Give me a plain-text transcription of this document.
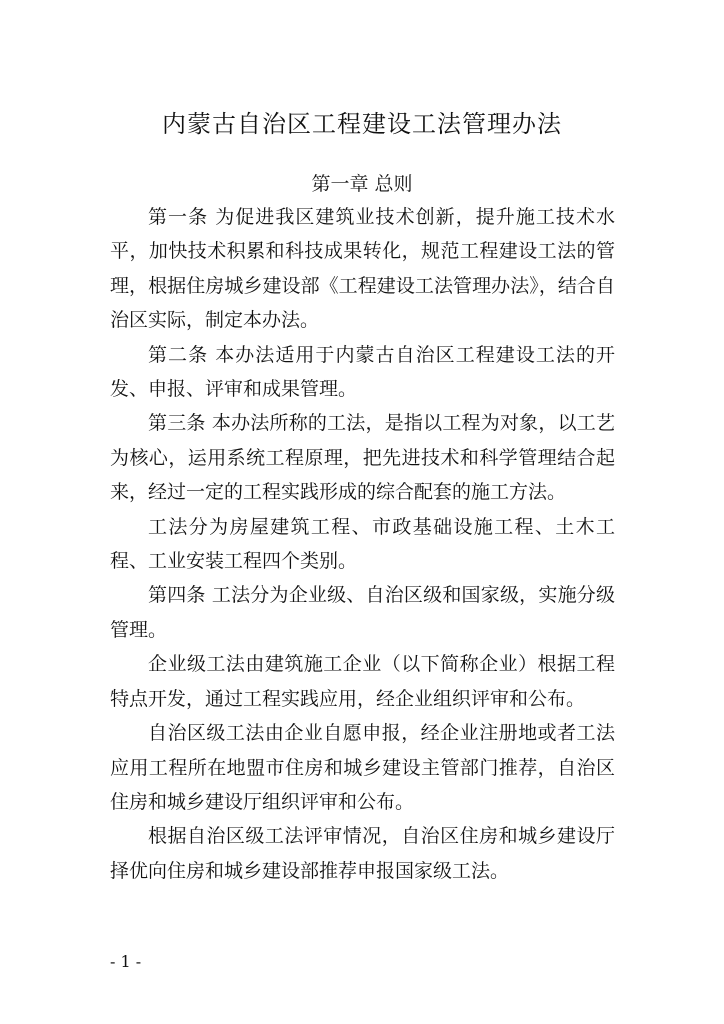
内蒙古自治区工程建设工法管理办法
第一章 总则

第一条 为促进我区建筑业技术创新，提升施工技术水平，加快技术积累和科技成果转化，规范工程建设工法的管理，根据住房城乡建设部《工程建设工法管理办法》，结合自治区实际，制定本办法。

第二条 本办法适用于内蒙古自治区工程建设工法的开发、申报、评审和成果管理。

第三条 本办法所称的工法，是指以工程为对象，以工艺为核心，运用系统工程原理，把先进技术和科学管理结合起来，经过一定的工程实践形成的综合配套的施工方法。

工法分为房屋建筑工程、市政基础设施工程、土木工程、工业安装工程四个类别。

第四条 工法分为企业级、自治区级和国家级，实施分级管理。

企业级工法由建筑施工企业（以下简称企业）根据工程特点开发，通过工程实践应用，经企业组织评审和公布。

自治区级工法由企业自愿申报，经企业注册地或者工法应用工程所在地盟市住房和城乡建设主管部门推荐，自治区住房和城乡建设厅组织评审和公布。

根据自治区级工法评审情况，自治区住房和城乡建设厅择优向住房和城乡建设部推荐申报国家级工法。

- 1 -
